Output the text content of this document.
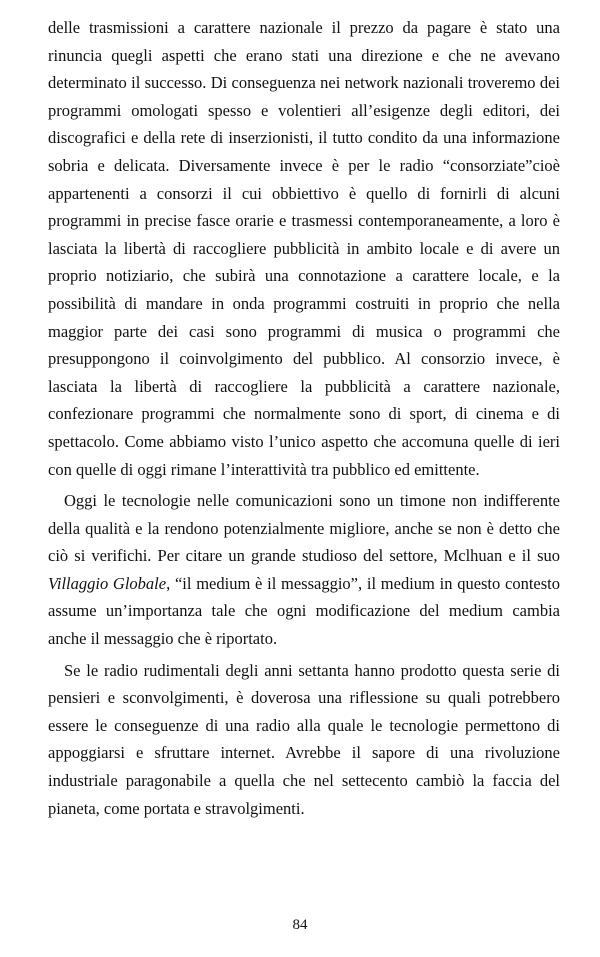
delle trasmissioni a carattere nazionale il prezzo da pagare è stato una rinuncia quegli aspetti che erano stati una direzione e che ne avevano determinato il successo. Di conseguenza nei network nazionali troveremo dei programmi omologati spesso e volentieri all’esigenze degli editori, dei discografici e della rete di inserzionisti, il tutto condito da una informazione sobria e delicata. Diversamente invece è per le radio “consorziate”cioè appartenenti a consorzi il cui obbiettivo è quello di fornirli di alcuni programmi in precise fasce orarie e trasmessi contemporaneamente, a loro è lasciata la libertà di raccogliere pubblicità in ambito locale e di avere un proprio notiziario, che subirà una connotazione a carattere locale, e la possibilità di mandare in onda programmi costruiti in proprio che nella maggior parte dei casi sono programmi di musica o programmi che presuppongono il coinvolgimento del pubblico. Al consorzio invece, è lasciata la libertà di raccogliere la pubblicità a carattere nazionale, confezionare programmi che normalmente sono di sport, di cinema e di spettacolo. Come abbiamo visto l’unico aspetto che accomuna quelle di ieri con quelle di oggi rimane l’interattività tra pubblico ed emittente.

Oggi le tecnologie nelle comunicazioni sono un timone non indifferente della qualità e la rendono potenzialmente migliore, anche se non è detto che ciò si verifichi. Per citare un grande studioso del settore, Mclhuan e il suo Villaggio Globale, “il medium è il messaggio”, il medium in questo contesto assume un’importanza tale che ogni modificazione del medium cambia anche il messaggio che è riportato.

Se le radio rudimentali degli anni settanta hanno prodotto questa serie di pensieri e sconvolgimenti, è doverosa una riflessione su quali potrebbero essere le conseguenze di una radio alla quale le tecnologie permettono di appoggiarsi e sfruttare internet. Avrebbe il sapore di una rivoluzione industriale paragonabile a quella che nel settecento cambiò la faccia del pianeta, come portata e stravolgimenti.

84
